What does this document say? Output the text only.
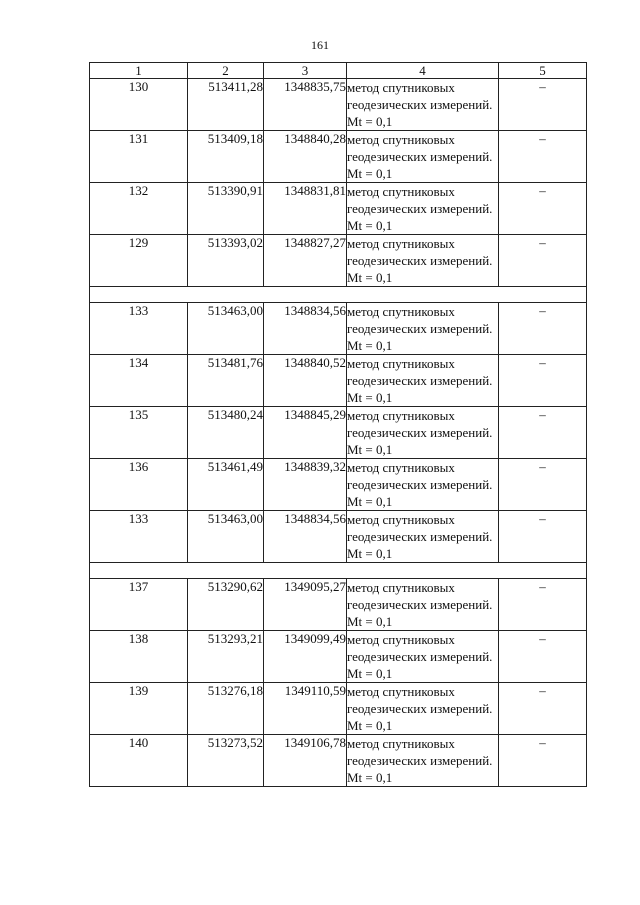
161
1	2	3	4	5
130	513411,28	1348835,75	метод спутниковых геодезических измерений. Mt = 0,1	–
131	513409,18	1348840,28	метод спутниковых геодезических измерений. Mt = 0,1	–
132	513390,91	1348831,81	метод спутниковых геодезических измерений. Mt = 0,1	–
129	513393,02	1348827,27	метод спутниковых геодезических измерений. Mt = 0,1	–

133	513463,00	1348834,56	метод спутниковых геодезических измерений. Mt = 0,1	–
134	513481,76	1348840,52	метод спутниковых геодезических измерений. Mt = 0,1	–
135	513480,24	1348845,29	метод спутниковых геодезических измерений. Mt = 0,1	–
136	513461,49	1348839,32	метод спутниковых геодезических измерений. Mt = 0,1	–
133	513463,00	1348834,56	метод спутниковых геодезических измерений. Mt = 0,1	–

137	513290,62	1349095,27	метод спутниковых геодезических измерений. Mt = 0,1	–
138	513293,21	1349099,49	метод спутниковых геодезических измерений. Mt = 0,1	–
139	513276,18	1349110,59	метод спутниковых геодезических измерений. Mt = 0,1	–
140	513273,52	1349106,78	метод спутниковых геодезических измерений. Mt = 0,1	–
